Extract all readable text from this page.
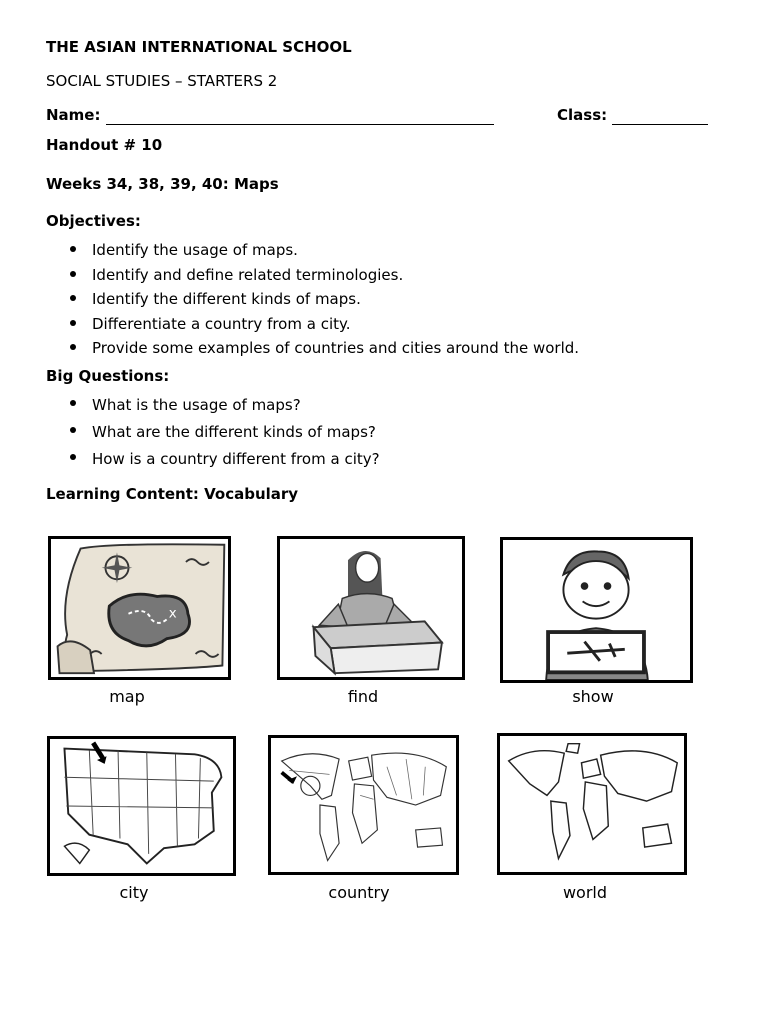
THE ASIAN INTERNATIONAL SCHOOL
SOCIAL STUDIES – STARTERS 2
Name:	Class:
Handout # 10
Weeks 34, 38, 39, 40: Maps
Objectives:
Identify the usage of maps.
Identify and define related terminologies.
Identify the different kinds of maps.
Differentiate a country from a city.
Provide some examples of countries and cities around the world.
Big Questions:
What is the usage of maps?
What are the different kinds of maps?
How is a country different from a city?
Learning Content: Vocabulary
x
map	find	show
city	country	world
